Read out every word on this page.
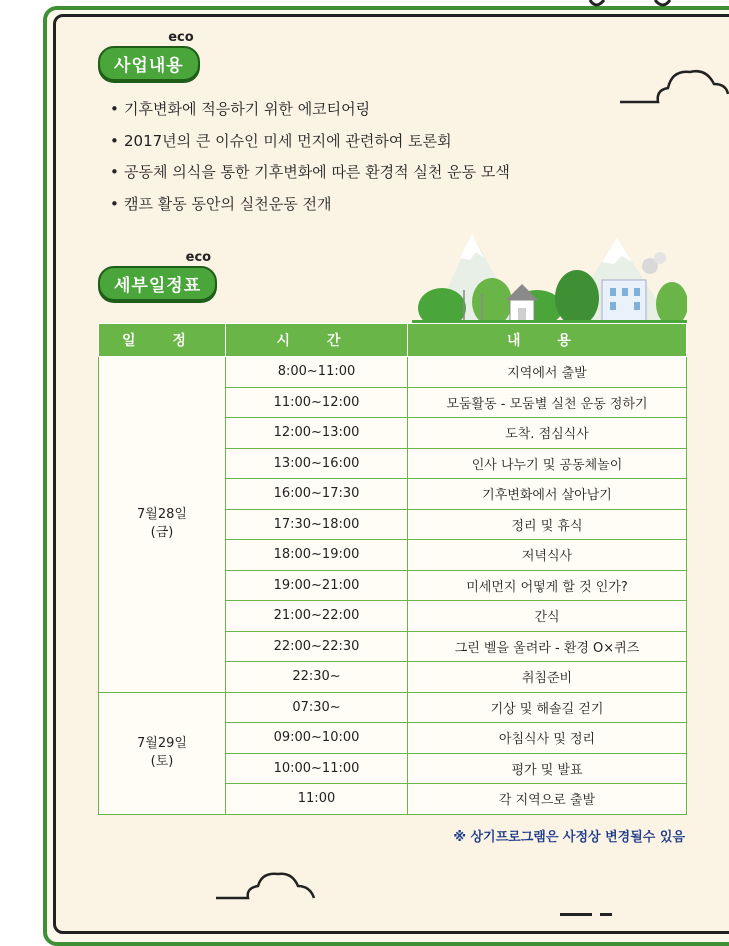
eco
사업내용
• 기후변화에 적응하기 위한 에코티어링
• 2017년의 큰 이슈인 미세 먼지에 관련하여 토론회
• 공동체 의식을 통한 기후변화에 따른 환경적 실천 운동 모색
• 캠프 활동 동안의 실천운동 전개
eco
세부일정표
일 정	시 간	내 용
7월28일
(금)	8:00~11:00	지역에서 출발
	11:00~12:00	모둠활동 - 모둠별 실천 운동 정하기
	12:00~13:00	도착. 점심식사
	13:00~16:00	인사 나누기 및 공동체놀이
	16:00~17:30	기후변화에서 살아남기
	17:30~18:00	정리 및 휴식
	18:00~19:00	저녁식사
	19:00~21:00	미세먼지 어떻게 할 것 인가?
	21:00~22:00	간식
	22:00~22:30	그린 벨을 울려라 - 환경 O×퀴즈
	22:30~	취침준비
7월29일
(토)	07:30~	기상 및 해솔길 걷기
	09:00~10:00	아침식사 및 정리
	10:00~11:00	평가 및 발표
	11:00	각 지역으로 출발
※ 상기프로그램은 사정상 변경될수 있음
